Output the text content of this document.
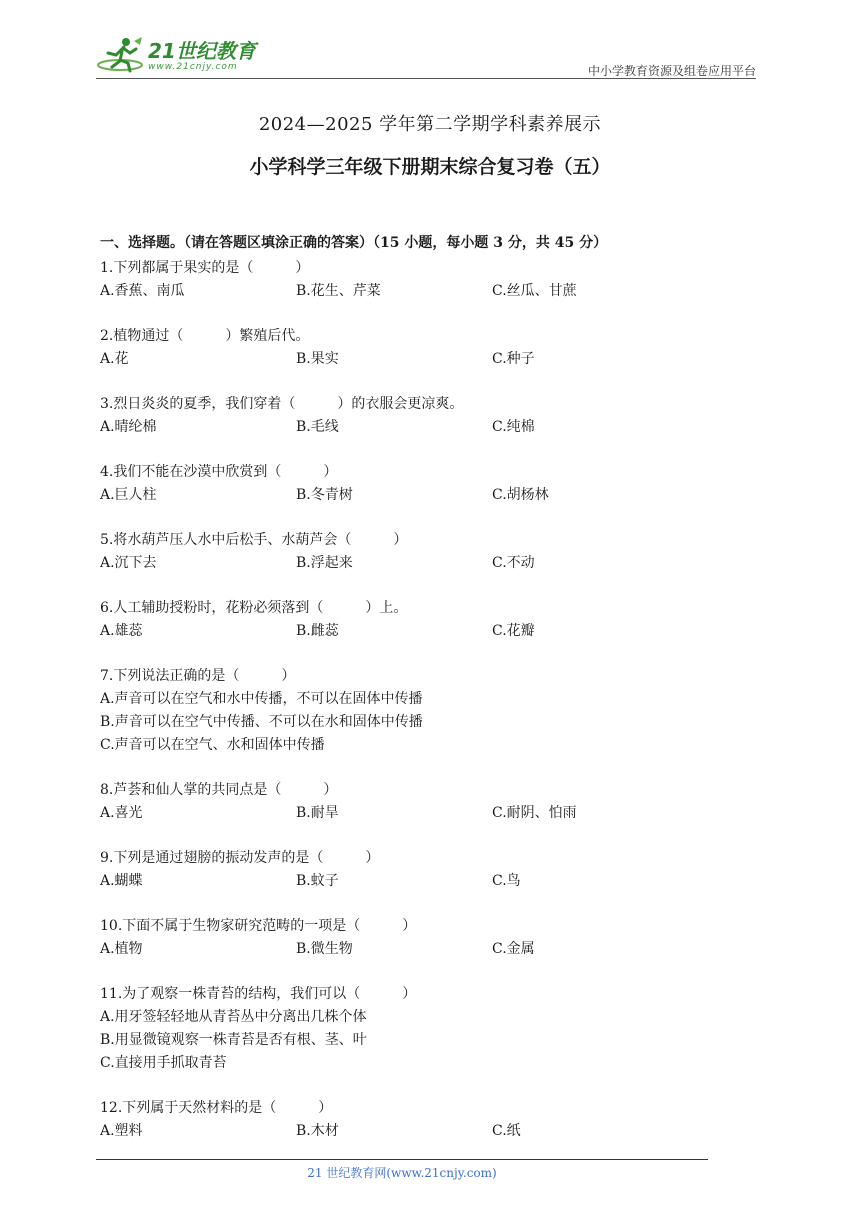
21世纪教育
www.21cnjy.com	中小学教育资源及组卷应用平台
2024—2025 学年第二学期学科素养展示
小学科学三年级下册期末综合复习卷（五）
一、选择题。（请在答题区填涂正确的答案）（15 小题，每小题 3 分，共 45 分）
1.下列都属于果实的是（　　　）
A.香蕉、南瓜	B.花生、芹菜	C.丝瓜、甘蔗
2.植物通过（　　　）繁殖后代。
A.花	B.果实	C.种子
3.烈日炎炎的夏季，我们穿着（　　　）的衣服会更凉爽。
A.晴纶棉	B.毛线	C.纯棉
4.我们不能在沙漠中欣赏到（　　　）
A.巨人柱	B.冬青树	C.胡杨林
5.将水葫芦压人水中后松手、水葫芦会（　　　）
A.沉下去	B.浮起来	C.不动
6.人工辅助授粉时，花粉必须落到（　　　）上。
A.雄蕊	B.雌蕊	C.花瓣
7.下列说法正确的是（　　　）
A.声音可以在空气和水中传播，不可以在固体中传播
B.声音可以在空气中传播、不可以在水和固体中传播
C.声音可以在空气、水和固体中传播
8.芦荟和仙人掌的共同点是（　　　）
A.喜光	B.耐旱	C.耐阴、怕雨
9.下列是通过翅膀的振动发声的是（　　　）
A.蝴蝶	B.蚊子	C.鸟
10.下面不属于生物家研究范畴的一项是（　　　）
A.植物	B.微生物	C.金属
11.为了观察一株青苔的结构，我们可以（　　　）
A.用牙签轻轻地从青苔丛中分离出几株个体
B.用显微镜观察一株青苔是否有根、茎、叶
C.直接用手抓取青苔
12.下列属于天然材料的是（　　　）
A.塑料	B.木材	C.纸
21 世纪教育网(www.21cnjy.com)
